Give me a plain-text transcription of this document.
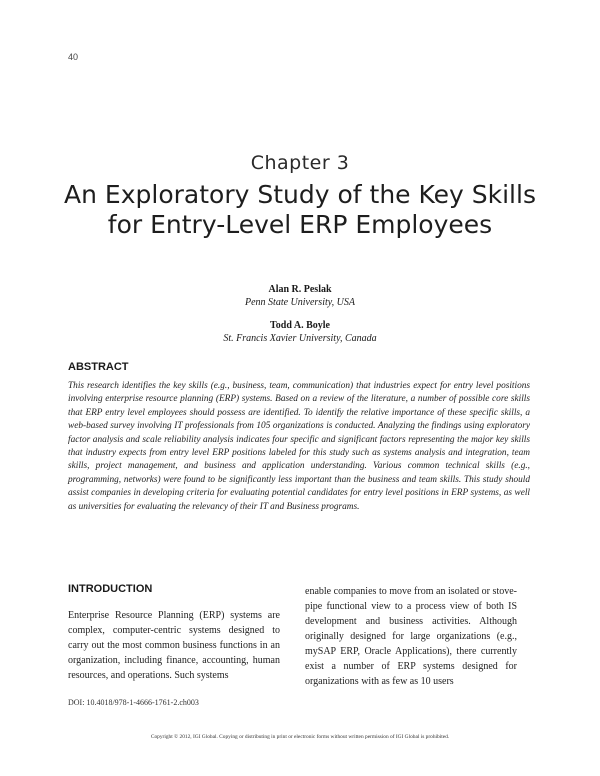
40
Chapter 3
An Exploratory Study of the Key Skills for Entry-Level ERP Employees
Alan R. Peslak
Penn State University, USA
Todd A. Boyle
St. Francis Xavier University, Canada
ABSTRACT
This research identifies the key skills (e.g., business, team, communication) that industries expect for entry level positions involving enterprise resource planning (ERP) systems. Based on a review of the literature, a number of possible core skills that ERP entry level employees should possess are identified. To identify the relative importance of these specific skills, a web-based survey involving IT professionals from 105 organizations is conducted. Analyzing the findings using exploratory factor analysis and scale reliability analysis indicates four specific and significant factors representing the major key skills that industry expects from entry level ERP positions labeled for this study such as systems analysis and integration, team skills, project management, and business and application understanding. Various common technical skills (e.g., programming, networks) were found to be significantly less important than the business and team skills. This study should assist companies in developing criteria for evaluating potential candidates for entry level positions in ERP systems, as well as universities for evaluating the relevancy of their IT and Business programs.
INTRODUCTION

Enterprise Resource Planning (ERP) systems are complex, computer-centric systems designed to carry out the most common business functions in an organization, including finance, accounting, human resources, and operations. Such systems

enable companies to move from an isolated or stove-pipe functional view to a process view of both IS development and business activities. Although originally designed for large organizations (e.g., mySAP ERP, Oracle Applications), there currently exist a number of ERP systems designed for organizations with as few as 10 users

DOI: 10.4018/978-1-4666-1761-2.ch003
Copyright © 2012, IGI Global. Copying or distributing in print or electronic forms without written permission of IGI Global is prohibited.
